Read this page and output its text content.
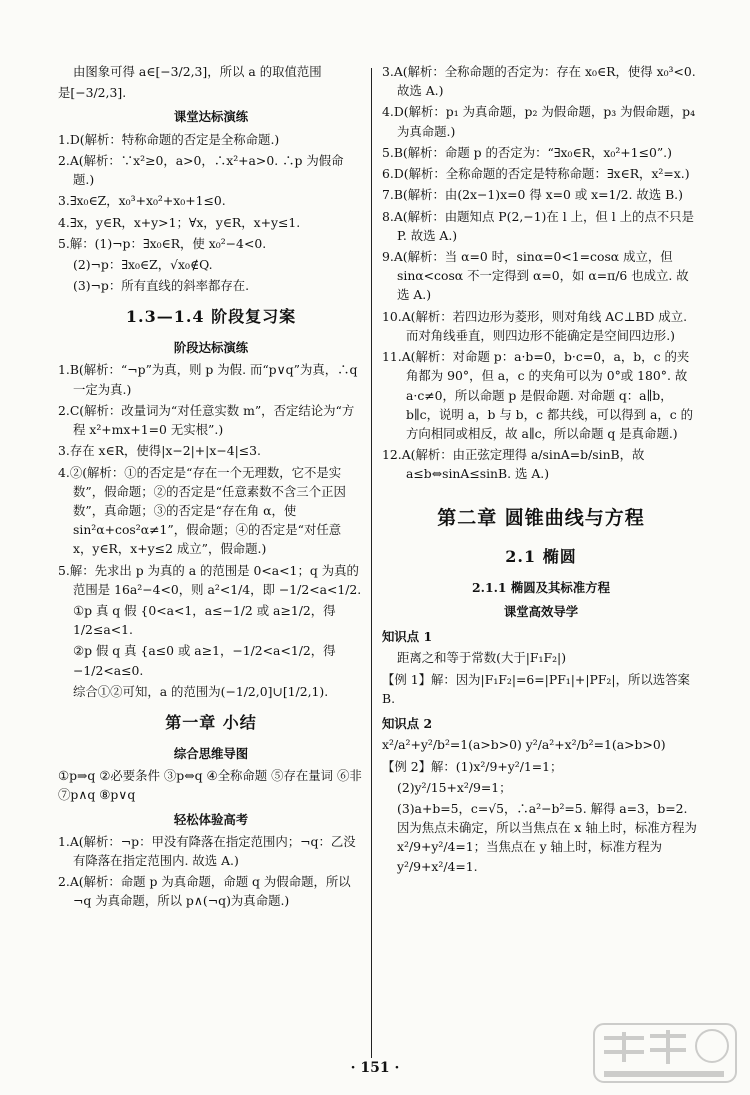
由图象可得 a∈[−3/2,3]，所以 a 的取值范围

是[−3/2,3].

课堂达标演练

1.D(解析：特称命题的否定是全称命题.)

2.A(解析：∵x²≥0，a>0，∴x²+a>0. ∴p 为假命题.)

3.∃x₀∈Z，x₀³+x₀²+x₀+1≤0.

4.∃x，y∈R，x+y>1；∀x，y∈R，x+y≤1.

5.解：(1)¬p：∃x₀∈R，使 x₀²−4<0.

(2)¬p：∃x₀∈Z，√x₀∉Q.

(3)¬p：所有直线的斜率都存在.

1.3—1.4 阶段复习案

阶段达标演练

1.B(解析：“¬p”为真，则 p 为假. 而“p∨q”为真，∴q 一定为真.)

2.C(解析：改量词为“对任意实数 m”，否定结论为“方程 x²+mx+1=0 无实根”.)

3.存在 x∈R，使得|x−2|+|x−4|≤3.

4.②(解析：①的否定是“存在一个无理数，它不是实数”，假命题；②的否定是“任意素数不含三个正因数”，真命题；③的否定是“存在角 α，使 sin²α+cos²α≠1”，假命题；④的否定是“对任意 x，y∈R，x+y≤2 成立”，假命题.)

5.解：先求出 p 为真的 a 的范围是 0<a<1；q 为真的范围是 16a²−4<0，则 a²<1/4，即 −1/2<a<1/2.

①p 真 q 假 {0<a<1，a≤−1/2 或 a≥1/2，得 1/2≤a<1.

②p 假 q 真 {a≤0 或 a≥1，−1/2<a<1/2，得 −1/2<a≤0.

综合①②可知，a 的范围为(−1/2,0]∪[1/2,1).

第一章 小结

综合思维导图

①p⇒q ②必要条件 ③p⇔q ④全称命题 ⑤存在量词 ⑥非 ⑦p∧q ⑧p∨q

轻松体验高考

1.A(解析：¬p：甲没有降落在指定范围内；¬q：乙没有降落在指定范围内. 故选 A.)

2.A(解析：命题 p 为真命题，命题 q 为假命题，所以 ¬q 为真命题，所以 p∧(¬q)为真命题.)

3.A(解析：全称命题的否定为：存在 x₀∈R，使得 x₀³<0. 故选 A.)

4.D(解析：p₁ 为真命题，p₂ 为假命题，p₃ 为假命题，p₄ 为真命题.)

5.B(解析：命题 p 的否定为：“∃x₀∈R，x₀²+1≤0”.)

6.D(解析：全称命题的否定是特称命题：∃x∈R，x²=x.)

7.B(解析：由(2x−1)x=0 得 x=0 或 x=1/2. 故选 B.)

8.A(解析：由题知点 P(2,−1)在 l 上，但 l 上的点不只是 P. 故选 A.)

9.A(解析：当 α=0 时，sinα=0<1=cosα 成立，但 sinα<cosα 不一定得到 α=0，如 α=π/6 也成立. 故选 A.)

10.A(解析：若四边形为菱形，则对角线 AC⊥BD 成立. 而对角线垂直，则四边形不能确定是空间四边形.)

11.A(解析：对命题 p：a·b=0，b·c=0，a，b，c 的夹角都为 90°，但 a，c 的夹角可以为 0°或 180°. 故 a·c≠0，所以命题 p 是假命题. 对命题 q：a∥b，b∥c，说明 a，b 与 b，c 都共线，可以得到 a，c 的方向相同或相反，故 a∥c，所以命题 q 是真命题.)

12.A(解析：由正弦定理得 a/sinA=b/sinB，故 a≤b⇔sinA≤sinB. 选 A.)

第二章 圆锥曲线与方程

2.1 椭圆

2.1.1 椭圆及其标准方程

课堂高效导学

知识点 1

距离之和等于常数(大于|F₁F₂|)

【例 1】解：因为|F₁F₂|=6=|PF₁|+|PF₂|，所以选答案 B.

知识点 2

x²/a²+y²/b²=1(a>b>0) y²/a²+x²/b²=1(a>b>0)

【例 2】解：(1)x²/9+y²/1=1；

(2)y²/15+x²/9=1；

(3)a+b=5，c=√5，∴a²−b²=5. 解得 a=3，b=2. 因为焦点未确定，所以当焦点在 x 轴上时，标准方程为 x²/9+y²/4=1；当焦点在 y 轴上时，标准方程为 y²/9+x²/4=1.

· 151 ·
